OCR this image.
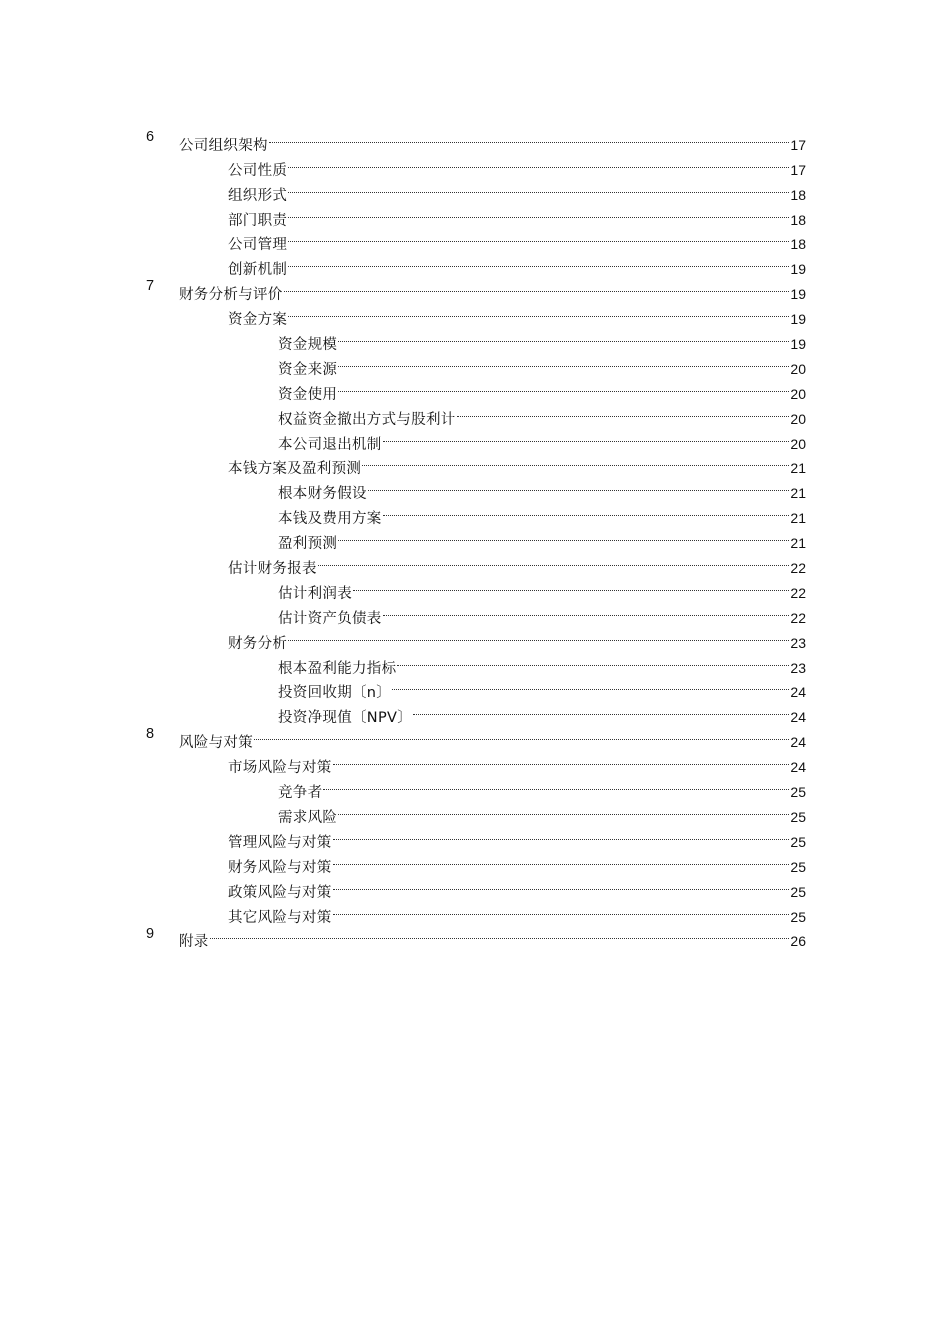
6
公司组织架构	17
公司性质	17
组织形式	18
部门职责	18
公司管理	18
创新机制	19
7
财务分析与评价	19
资金方案	19
资金规模	19
资金来源	20
资金使用	20
权益资金撤出方式与股利计	20
本公司退出机制	20
本钱方案及盈利预测	21
根本财务假设	21
本钱及费用方案	21
盈利预测	21
估计财务报表	22
估计利润表	22
估计资产负债表	22
财务分析	23
根本盈利能力指标	23
投资回收期〔n〕	24
投资净现值〔NPV〕	24
8
风险与对策	24
市场风险与对策	24
竞争者	25
需求风险	25
管理风险与对策	25
财务风险与对策	25
政策风险与对策	25
其它风险与对策	25
9
附录	26
